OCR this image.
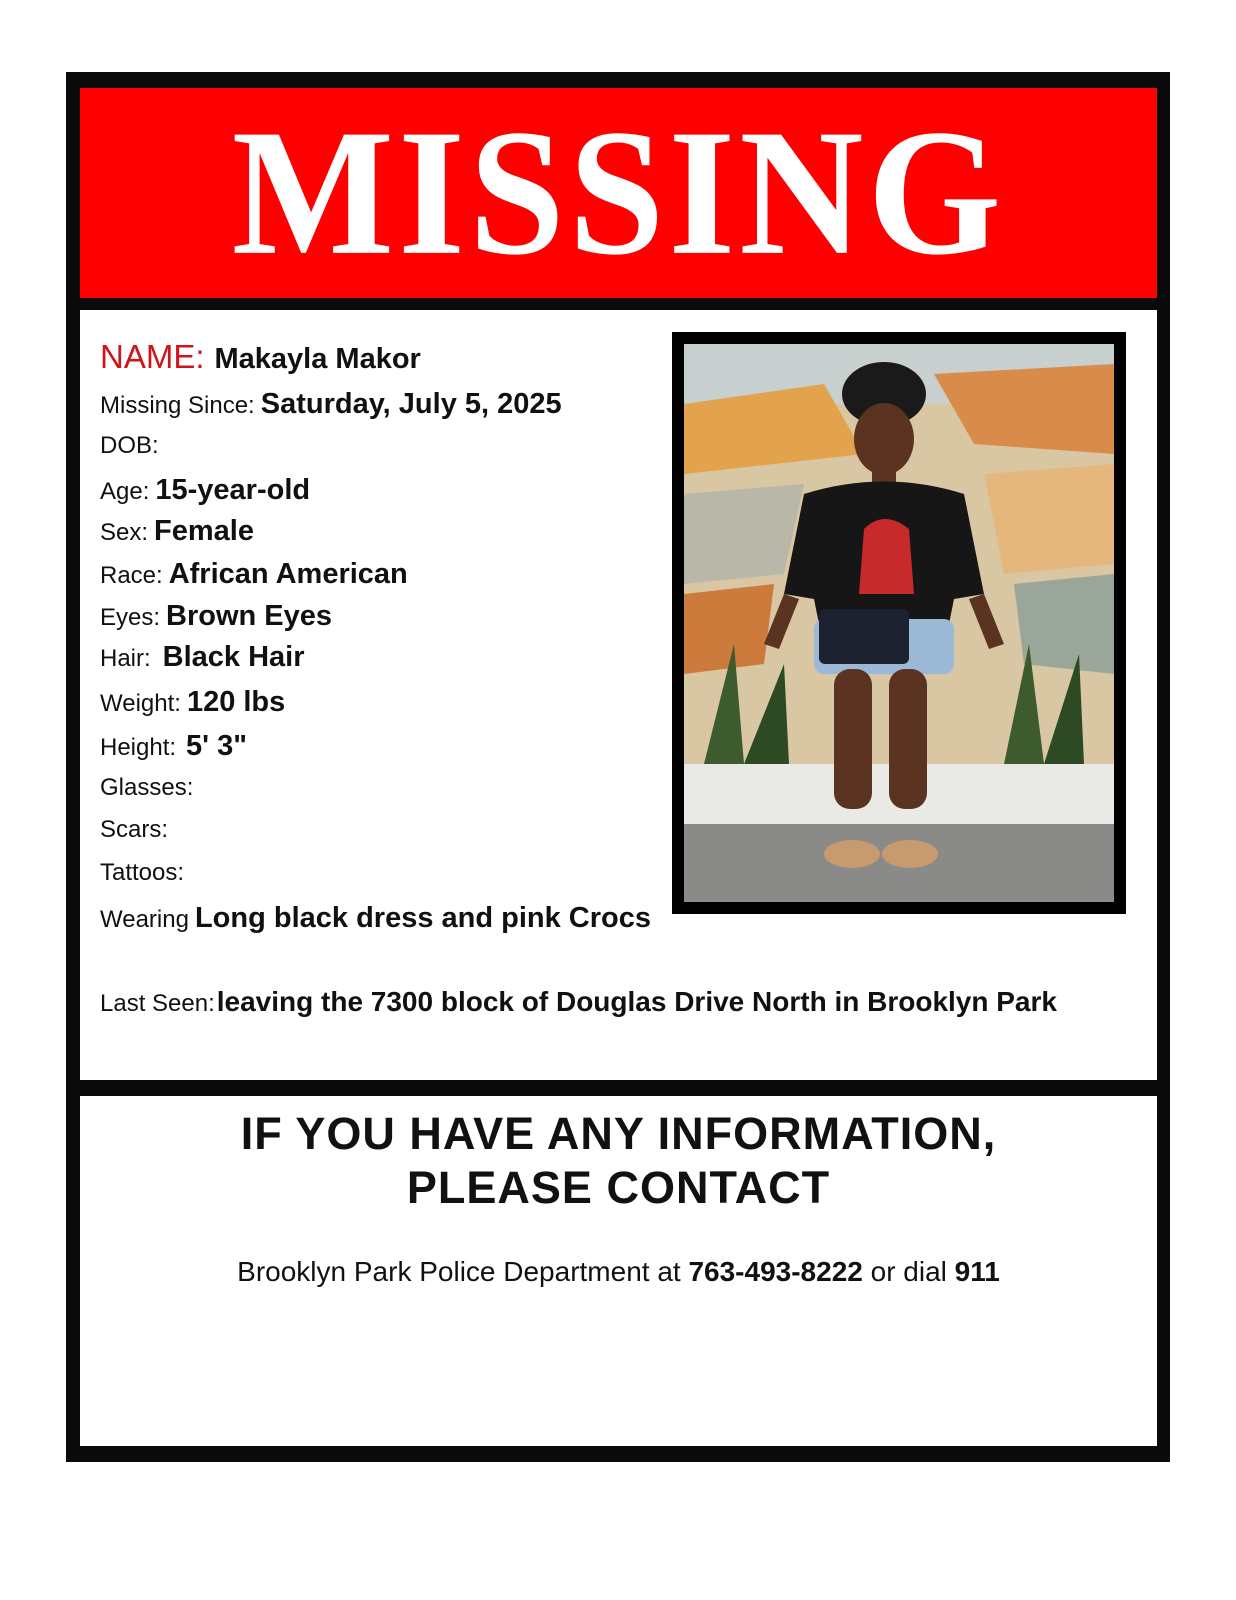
MISSING
NAME: Makayla Makor
Missing Since: Saturday, July 5, 2025
DOB:
Age: 15-year-old
Sex: Female
Race: African American
Eyes: Brown Eyes
Hair: Black Hair
Weight: 120 lbs
Height: 5' 3"
Glasses:
Scars:
Tattoos:
Wearing Long black dress and pink Crocs
Last Seen: leaving the 7300 block of Douglas Drive North in Brooklyn Park
IF YOU HAVE ANY INFORMATION,
PLEASE CONTACT
Brooklyn Park Police Department at 763-493-8222 or dial 911
